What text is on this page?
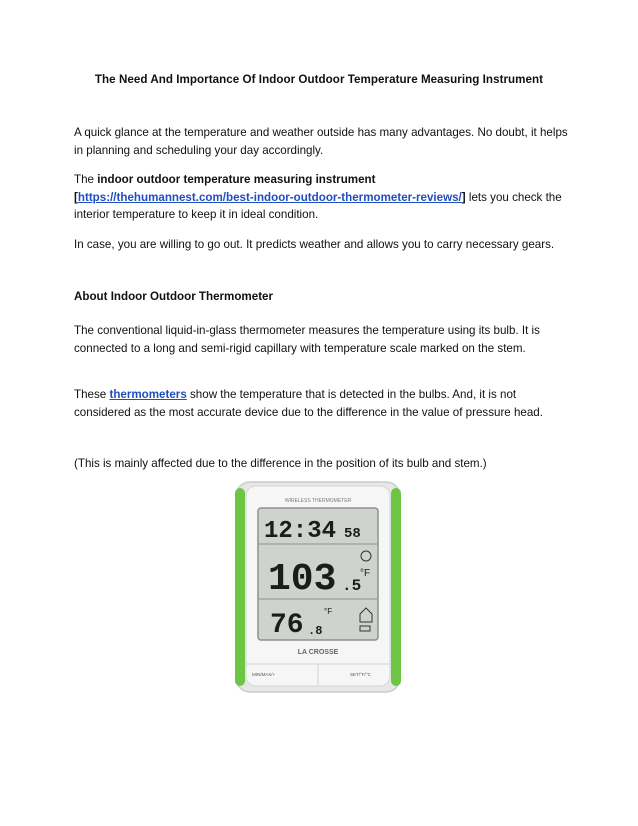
The Need And Importance Of Indoor Outdoor Temperature Measuring Instrument

A quick glance at the temperature and weather outside has many advantages. No doubt, it helps in planning and scheduling your day accordingly.

The indoor outdoor temperature measuring instrument
[https://thehumannest.com/best-indoor-outdoor-thermometer-reviews/] lets you check the interior temperature to keep it in ideal condition.

In case, you are willing to go out. It predicts weather and allows you to carry necessary gears.

About Indoor Outdoor Thermometer

The conventional liquid-in-glass thermometer measures the temperature using its bulb. It is connected to a long and semi-rigid capillary with temperature scale marked on the stem.

These thermometers show the temperature that is detected in the bulbs. And, it is not considered as the most accurate device due to the difference in the value of pressure head.

(This is mainly affected due to the difference in the position of its bulb and stem.)

WIRELESS THERMOMETER
12:34 58
103 .5
°F
76 .8
°F
LA CROSSE
MIN/MAX/+	SET/°F/°C
